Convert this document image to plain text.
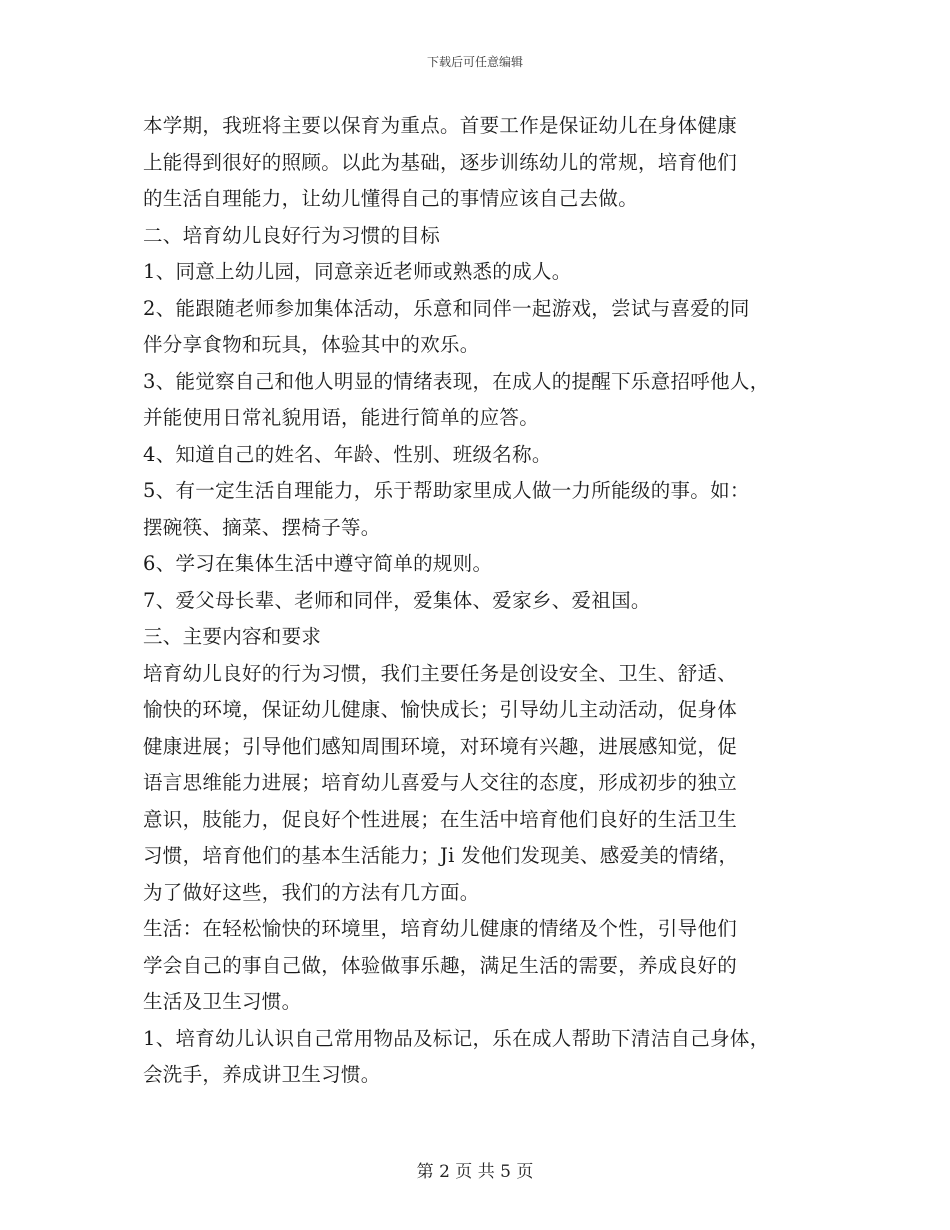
下载后可任意编辑
本学期，我班将主要以保育为重点。首要工作是保证幼儿在身体健康
上能得到很好的照顾。以此为基础，逐步训练幼儿的常规，培育他们
的生活自理能力，让幼儿懂得自己的事情应该自己去做。
二、培育幼儿良好行为习惯的目标
1、同意上幼儿园，同意亲近老师或熟悉的成人。
2、能跟随老师参加集体活动，乐意和同伴一起游戏，尝试与喜爱的同
伴分享食物和玩具，体验其中的欢乐。
3、能觉察自己和他人明显的情绪表现，在成人的提醒下乐意招呼他人，
并能使用日常礼貌用语，能进行简单的应答。
4、知道自己的姓名、年龄、性别、班级名称。
5、有一定生活自理能力，乐于帮助家里成人做一力所能级的事。如：
摆碗筷、摘菜、摆椅子等。
6、学习在集体生活中遵守简单的规则。
7、爱父母长辈、老师和同伴，爱集体、爱家乡、爱祖国。
三、主要内容和要求
培育幼儿良好的行为习惯，我们主要任务是创设安全、卫生、舒适、
愉快的环境，保证幼儿健康、愉快成长；引导幼儿主动活动，促身体
健康进展；引导他们感知周围环境，对环境有兴趣，进展感知觉，促
语言思维能力进展；培育幼儿喜爱与人交往的态度，形成初步的独立
意识，肢能力，促良好个性进展；在生活中培育他们良好的生活卫生
习惯，培育他们的基本生活能力；Ji 发他们发现美、感爱美的情绪，
为了做好这些，我们的方法有几方面。
生活：在轻松愉快的环境里，培育幼儿健康的情绪及个性，引导他们
学会自己的事自己做，体验做事乐趣，满足生活的需要，养成良好的
生活及卫生习惯。
1、培育幼儿认识自己常用物品及标记，乐在成人帮助下清洁自己身体，
会洗手，养成讲卫生习惯。
第 2 页 共 5 页
